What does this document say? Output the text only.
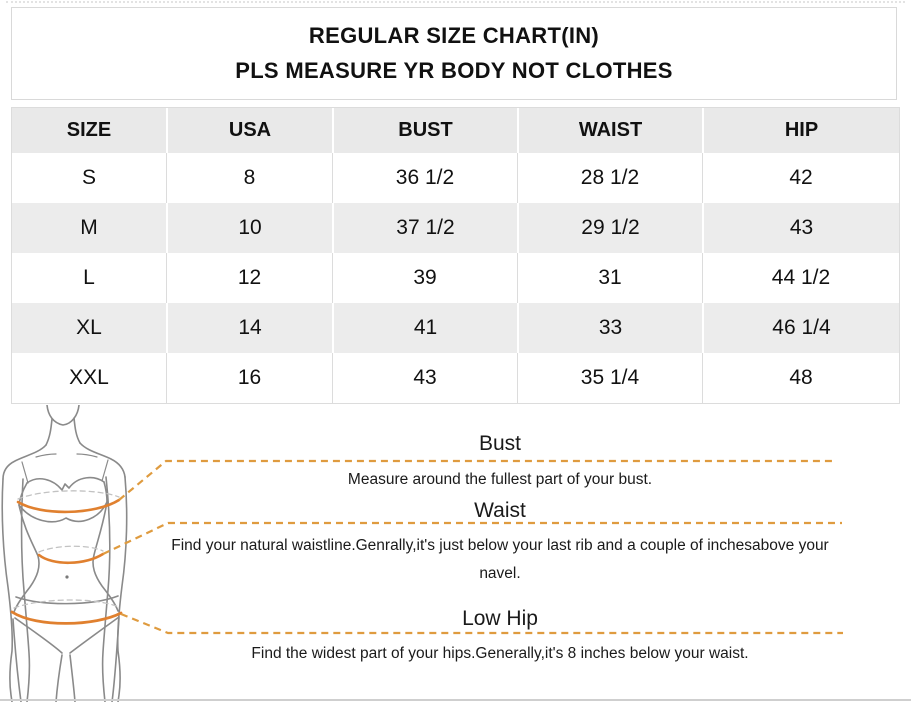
REGULAR SIZE CHART(IN)
PLS MEASURE YR BODY NOT CLOTHES
SIZE	USA	BUST	WAIST	HIP
S	8	36 1/2	28 1/2	42
M	10	37 1/2	29 1/2	43
L	12	39	31	44 1/2
XL	14	41	33	46 1/4
XXL	16	43	35 1/4	48
Bust
Measure around the fullest part of your bust.
Waist
Find your natural waistline.Genrally,it's just below your last rib and a couple of inchesabove your navel.
Low Hip
Find the widest part of your hips.Generally,it's 8 inches below your waist.
